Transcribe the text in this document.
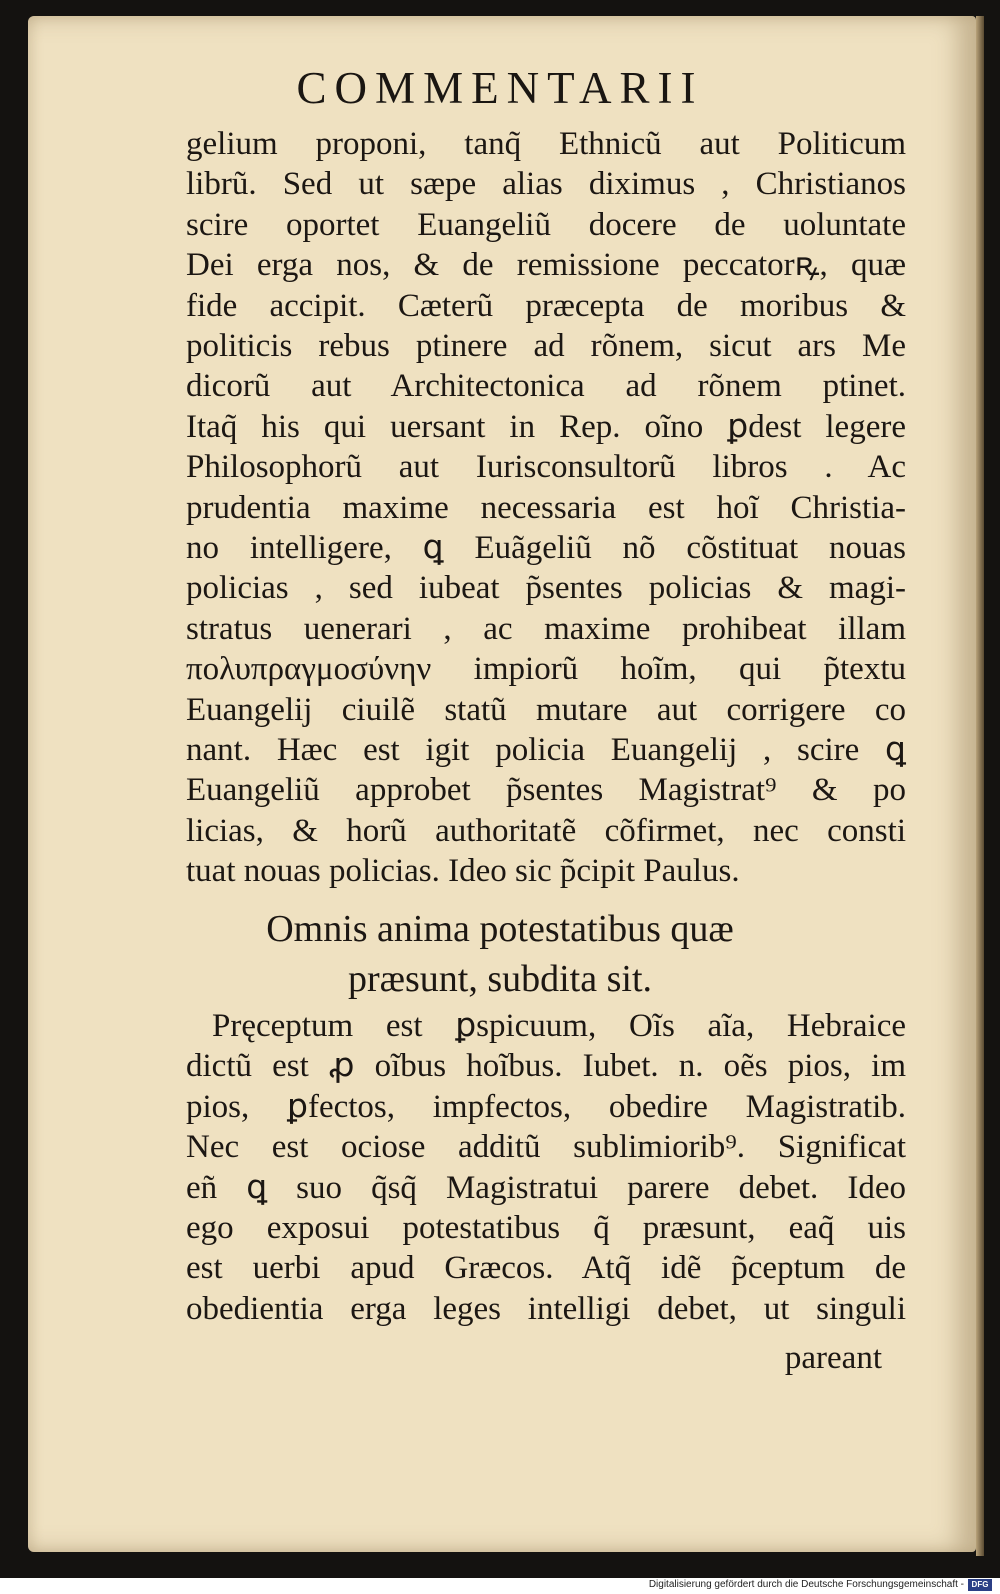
COMMENTARII
gelium proponi, tanq̃ Ethnicũ aut Politicum
librũ. Sed ut sæpe alias diximus , Christianos
scire oportet Euangeliũ docere de uoluntate
Dei erga nos, & de remissione peccatorꝶ, quæ
fide accipit. Cæterũ præcepta de moribus &
politicis rebus ptinere ad rõnem, sicut ars Me
dicorũ aut Architectonica ad rõnem ptinet.
Itaq̃ his qui uersant in Rep. oĩno ꝑdest legere
Philosophorũ aut Iurisconsultorũ libros . Ac
prudentia maxime necessaria est hoĩ Christia-
no intelligere, ꝗ Euãgeliũ nõ cõstituat nouas
policias , sed iubeat p̃sentes policias & magi-
stratus uenerari , ac maxime prohibeat illam
πολυπραγμοσύνην impiorũ hoĩm, qui p̃textu
Euangelij ciuilẽ statũ mutare aut corrigere co
nant. Hæc est igit policia Euangelij , scire ꝗ
Euangeliũ approbet p̃sentes Magistrat⁹ & po
licias, & horũ authoritatẽ cõfirmet, nec consti
tuat nouas policias. Ideo sic p̃cipit Paulus.
Omnis anima potestatibus quæ
præsunt, subdita sit.
Pręceptum est ꝑspicuum, Oĩs aĩa, Hebraice
dictũ est ꝓ oĩbus hoĩbus. Iubet. n. oẽs pios, im
pios, ꝑfectos, impfectos, obedire Magistratib.
Nec est ociose additũ sublimiorib⁹. Significat
eñ ꝗ suo q̃sq̃ Magistratui parere debet. Ideo
ego exposui potestatibus q̃ præsunt, eaq̃ uis
est uerbi apud Græcos. Atq̃ idẽ p̃ceptum de
obedientia erga leges intelligi debet, ut singuli
pareant
Digitalisierung gefördert durch die Deutsche Forschungsgemeinschaft - DFG
